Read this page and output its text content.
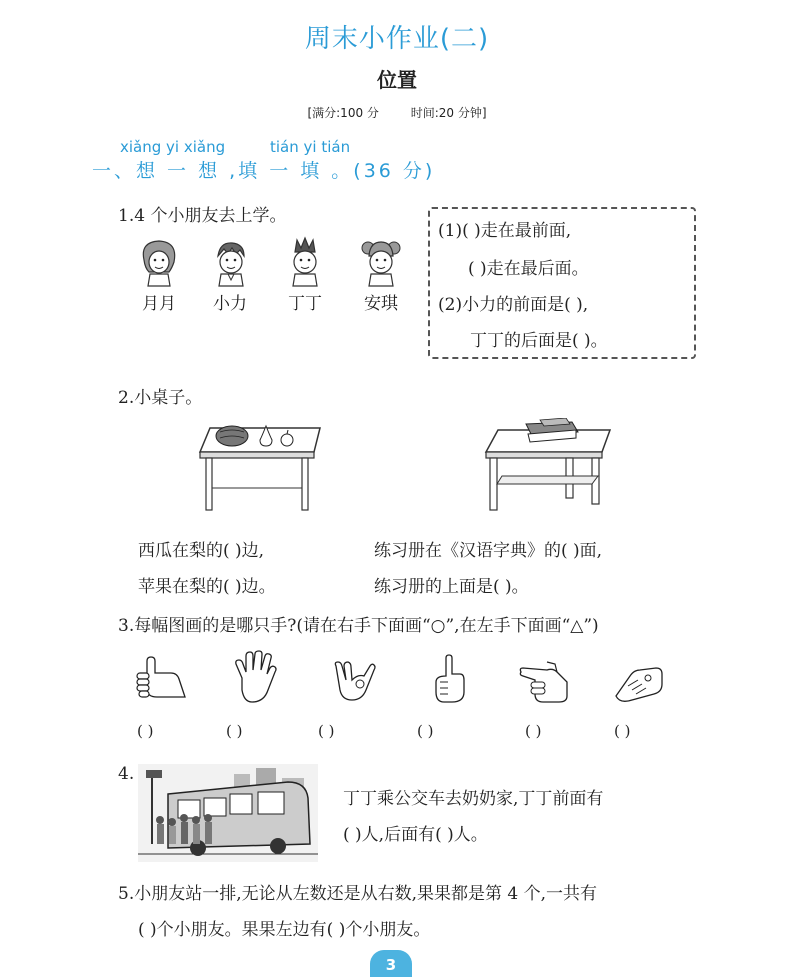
周末小作业(二)
位置
[满分:100 分	时间:20 分钟]
xiǎng yi xiǎng	tián yi tián
一、想 一 想 ,填 一 填 。(36 分)
1.4 个小朋友去上学。
月月	小力	丁丁	安琪
(1)( )走在最前面,
( )走在最后面。
(2)小力的前面是( ),
丁丁的后面是( )。
2.小桌子。
西瓜在梨的( )边,	练习册在《汉语字典》的( )面,
苹果在梨的( )边。	练习册的上面是( )。
3.每幅图画的是哪只手?(请在右手下面画“○”,在左手下面画“△”)
( )	( )	( )	( )	( )	( )
4.
丁丁乘公交车去奶奶家,丁丁前面有
( )人,后面有( )人。
5.小朋友站一排,无论从左数还是从右数,果果都是第 4 个,一共有
( )个小朋友。果果左边有( )个小朋友。
3
